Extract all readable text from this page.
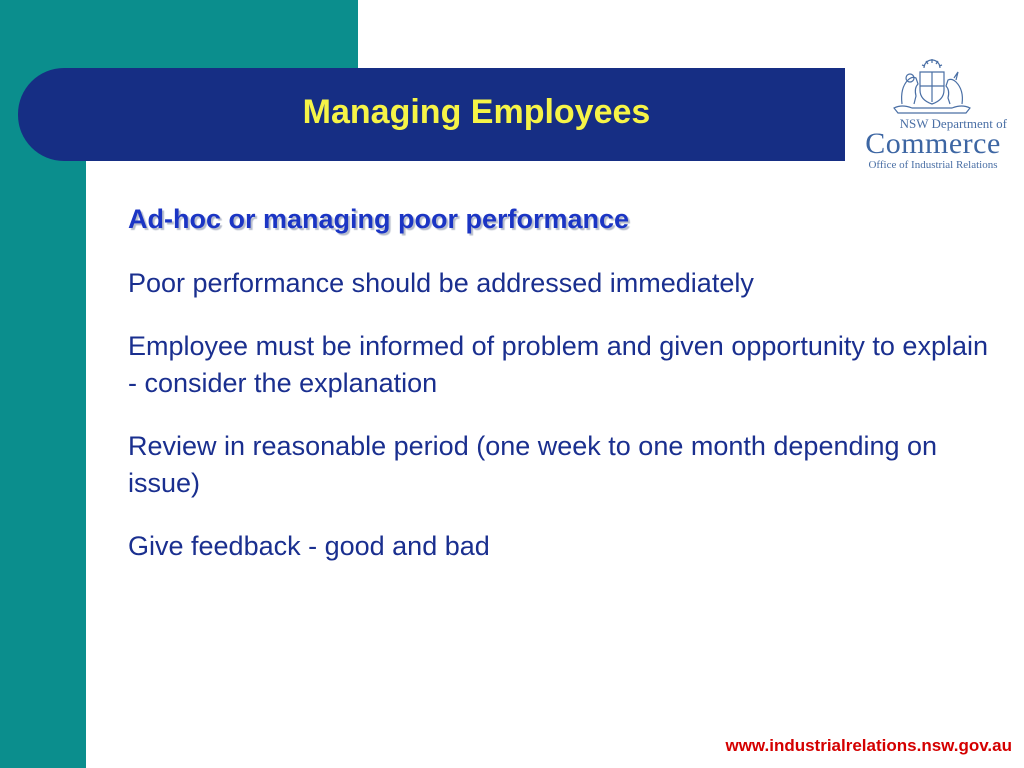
Managing Employees	NSW Department of
Commerce
Office of Industrial Relations
Ad-hoc or managing poor performance
Poor performance should be addressed immediately
Employee must be informed of problem and given opportunity to explain - consider the explanation
Review in reasonable period (one week to one month depending on issue)
Give feedback - good and bad
www.industrialrelations.nsw.gov.au
